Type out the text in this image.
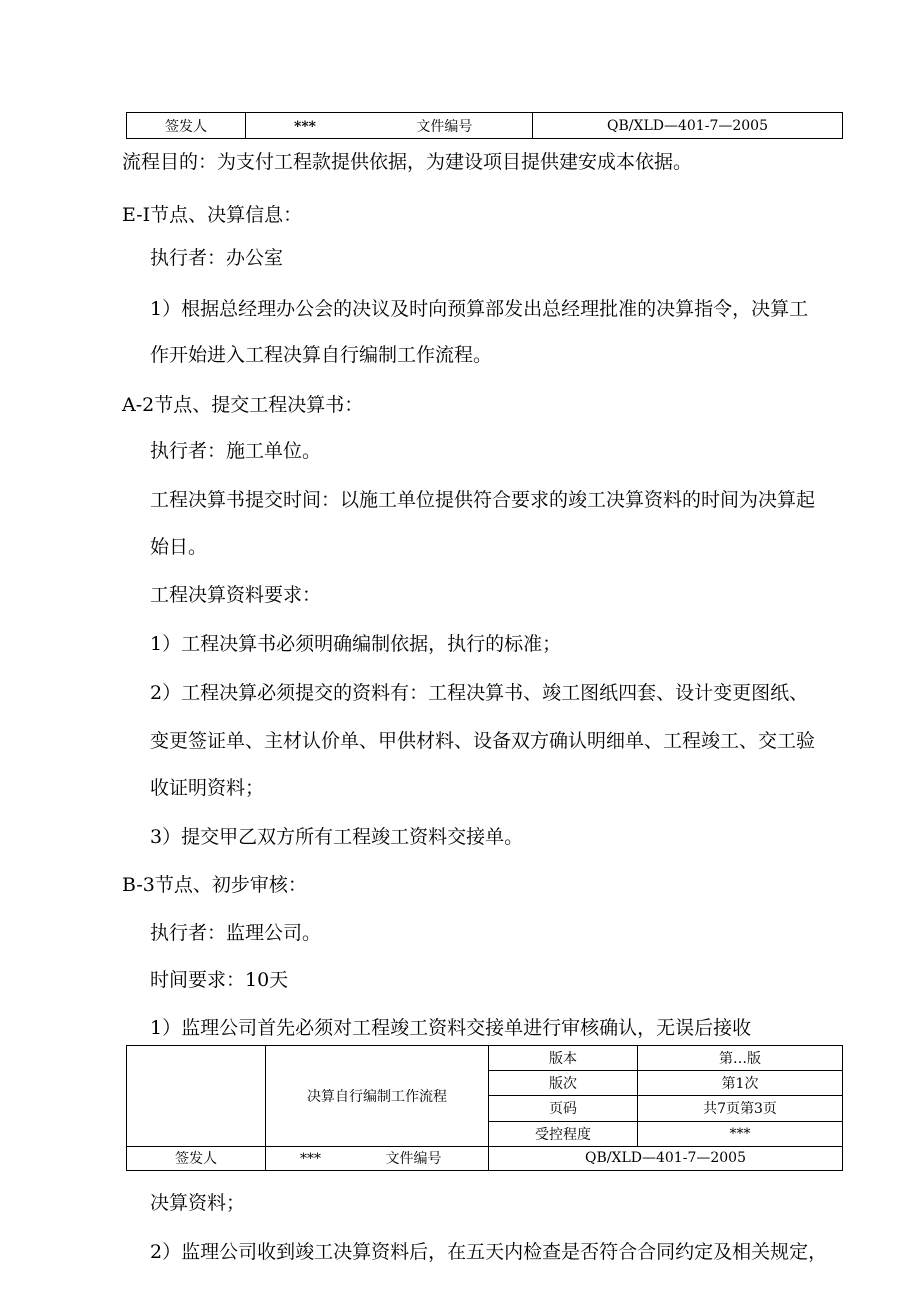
签发人	***	文件编号	QB/XLD—401-7—2005
流程目的：为支付工程款提供依据，为建设项目提供建安成本依据。
E-I节点、决算信息：
执行者：办公室
1）根据总经理办公会的决议及时向预算部发出总经理批准的决算指令，决算工
作开始进入工程决算自行编制工作流程。
A-2节点、提交工程决算书：
执行者：施工单位。
工程决算书提交时间：以施工单位提供符合要求的竣工决算资料的时间为决算起
始日。
工程决算资料要求：
1）工程决算书必须明确编制依据，执行的标准；
2）工程决算必须提交的资料有：工程决算书、竣工图纸四套、设计变更图纸、
变更签证单、主材认价单、甲供材料、设备双方确认明细单、工程竣工、交工验
收证明资料；
3）提交甲乙双方所有工程竣工资料交接单。
B-3节点、初步审核：
执行者：监理公司。
时间要求：10天
1）监理公司首先必须对工程竣工资料交接单进行审核确认，无误后接收
决算资料；
2）监理公司收到竣工决算资料后，在五天内检查是否符合合同约定及相关规定，
	决算自行编制工作流程	版本	第…版
		版次	第1次
		页码	共7页第3页
		受控程度	***
签发人	*** 文件编号	QB/XLD—401-7—2005	
